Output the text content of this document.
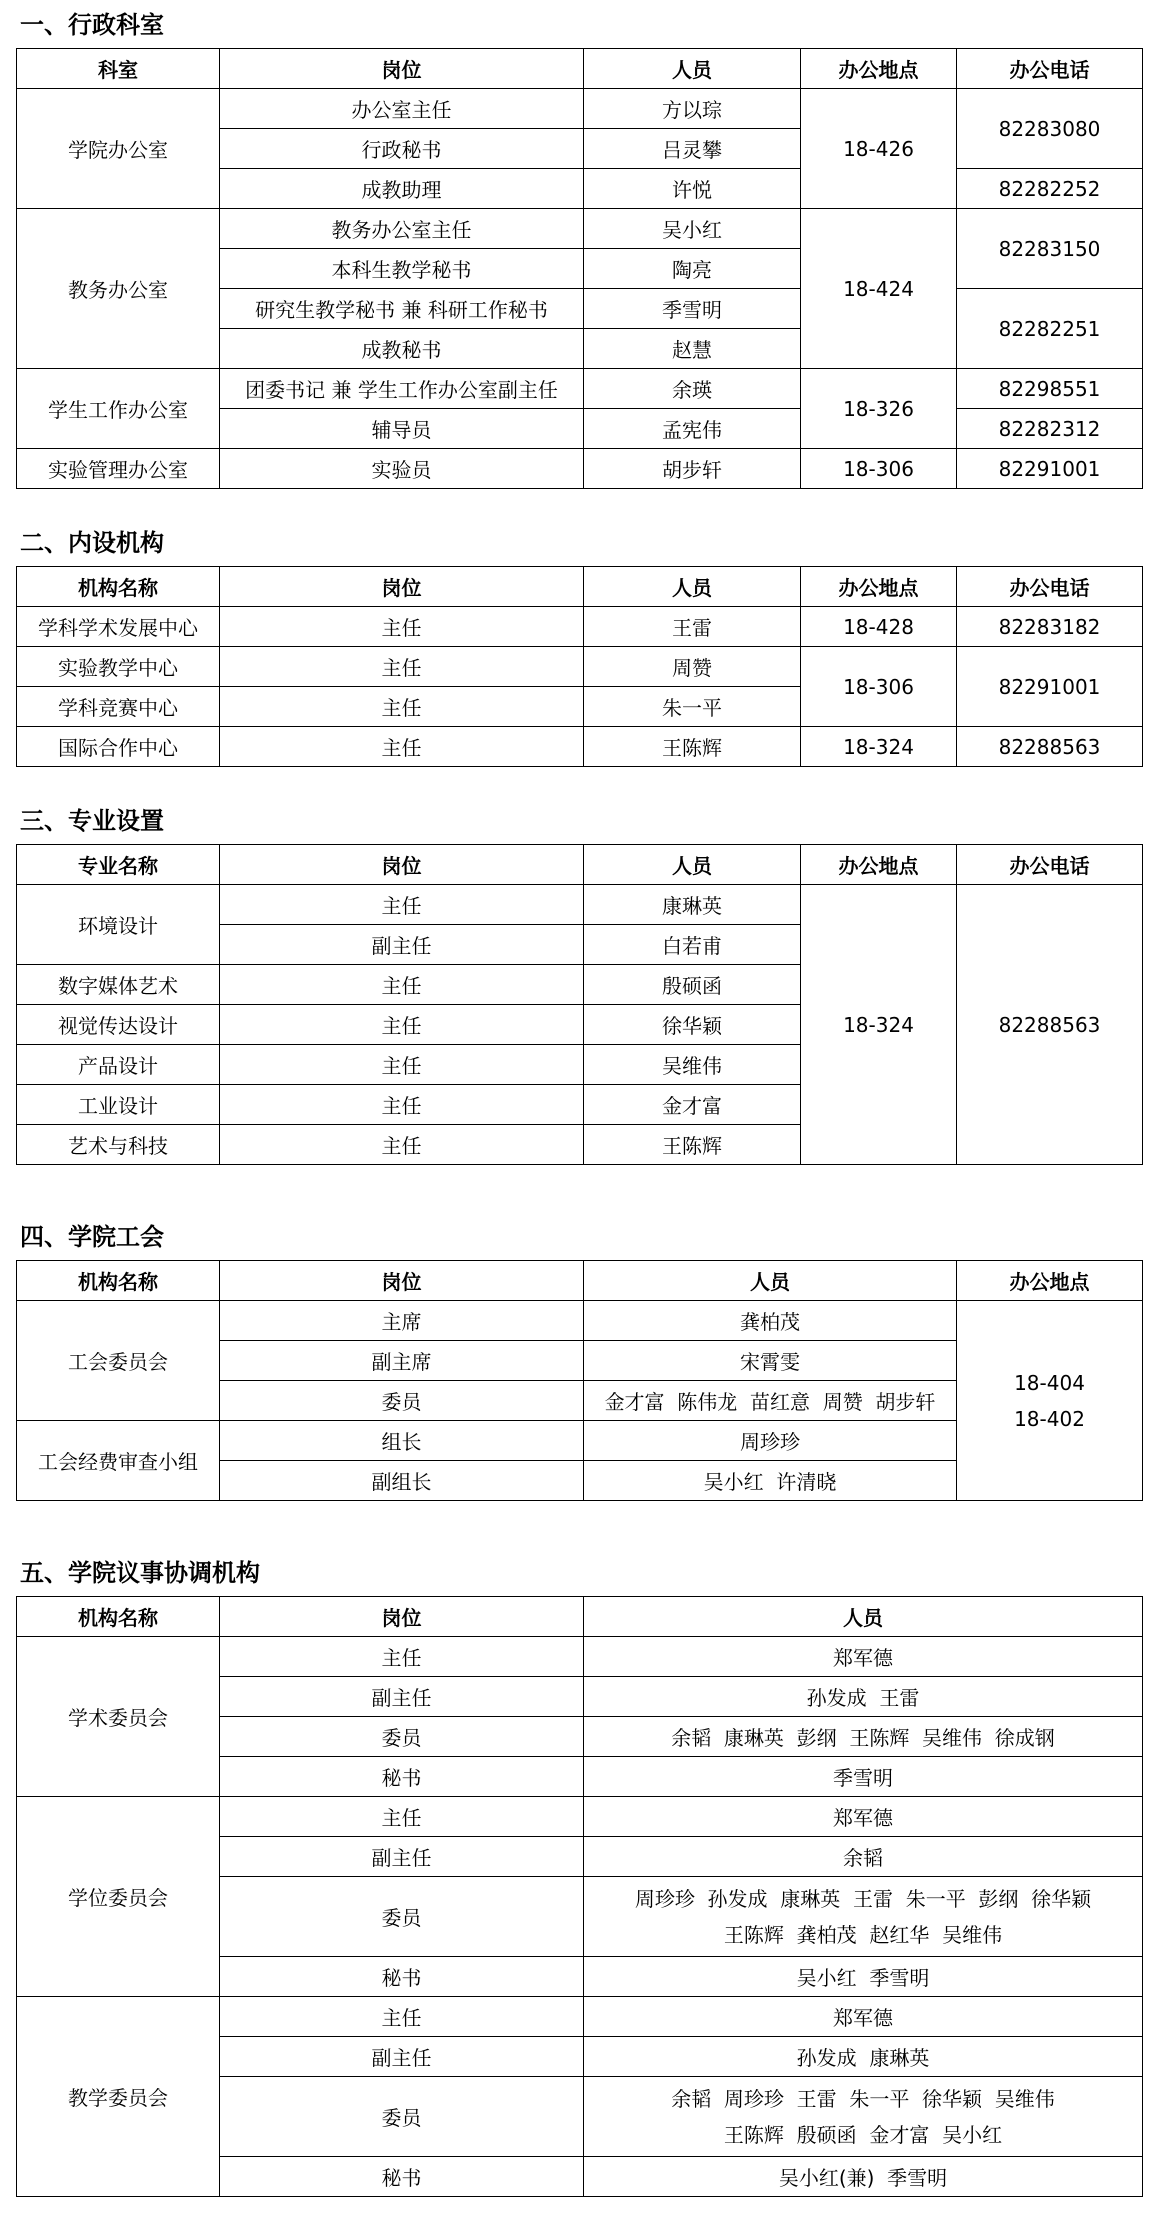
一、行政科室
科室	岗位	人员	办公地点	办公电话
学院办公室	办公室主任	方以琮	18-426	82283080
	行政秘书	吕灵攀		
	成教助理	许悦		82282252
教务办公室	教务办公室主任	吴小红	18-424	82283150
	本科生教学秘书	陶亮		
	研究生教学秘书 兼 科研工作秘书	季雪明		82282251
	成教秘书	赵慧		
学生工作办公室	团委书记 兼 学生工作办公室副主任	余瑛	18-326	82298551
	辅导员	孟宪伟		82282312
实验管理办公室	实验员	胡步轩	18-306	82291001
二、内设机构
机构名称	岗位	人员	办公地点	办公电话
学科学术发展中心	主任	王雷	18-428	82283182
实验教学中心	主任	周赞	18-306	82291001
学科竞赛中心	主任	朱一平		
国际合作中心	主任	王陈辉	18-324	82288563
三、专业设置
专业名称	岗位	人员	办公地点	办公电话
环境设计	主任	康琳英	18-324	82288563
	副主任	白若甫		
数字媒体艺术	主任	殷硕函		
视觉传达设计	主任	徐华颖		
产品设计	主任	吴维伟		
工业设计	主任	金才富		
艺术与科技	主任	王陈辉		
四、学院工会
机构名称	岗位	人员	办公地点
工会委员会	主席	龚柏茂	18-404
18-402

	副主席	宋霄雯	
	委员	金才富  陈伟龙  苗红意  周赞  胡步轩	
工会经费审查小组	组长	周珍珍	
	副组长	吴小红  许清晓	
五、学院议事协调机构
机构名称	岗位	人员
学术委员会	主任	郑军德
	副主任	孙发成  王雷
	委员	余韬  康琳英  彭纲  王陈辉  吴维伟  徐成钢
	秘书	季雪明
学位委员会	主任	郑军德
	副主任	余韬
	委员	周珍珍  孙发成  康琳英  王雷  朱一平  彭纲  徐华颖
王陈辉  龚柏茂  赵红华  吴维伟

	秘书	吴小红  季雪明
教学委员会	主任	郑军德
	副主任	孙发成  康琳英
	委员	余韬  周珍珍  王雷  朱一平  徐华颖  吴维伟
王陈辉  殷硕函  金才富  吴小红

	秘书	吴小红(兼)  季雪明
